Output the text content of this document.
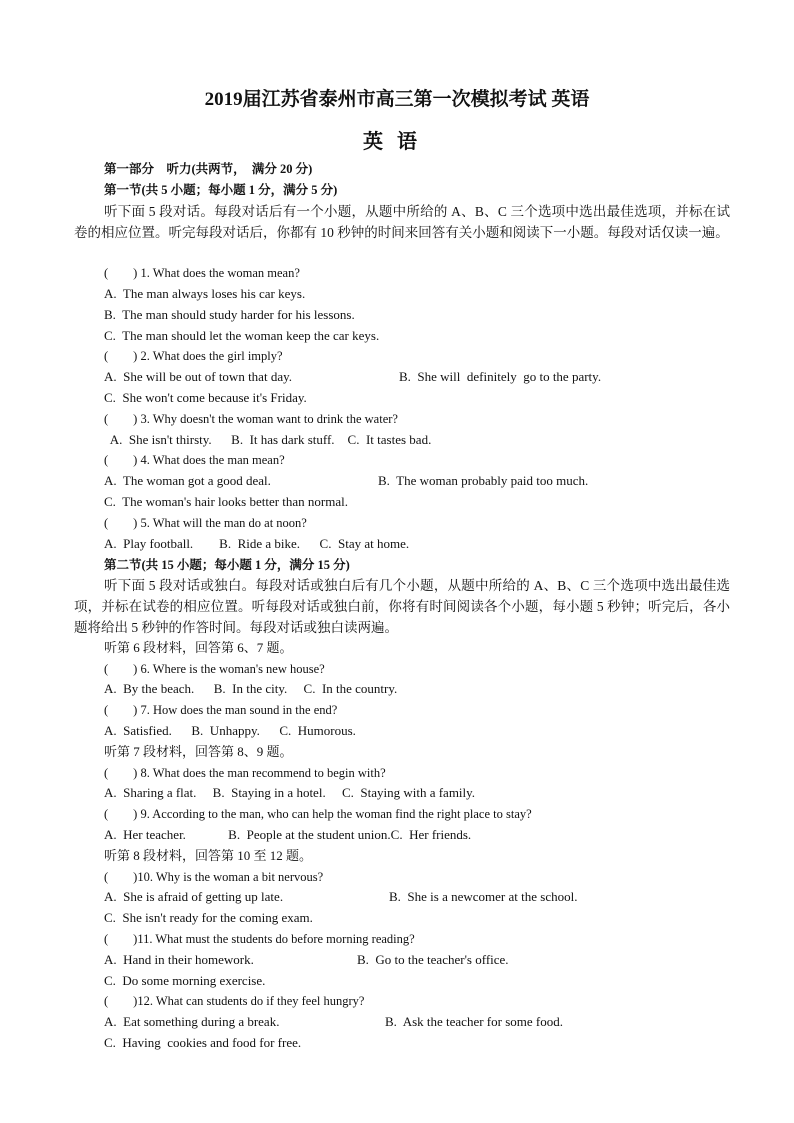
2019届江苏省泰州市高三第一次模拟考试 英语
英语
第一部分　听力(共两节，  满分 20 分)
第一节(共 5 小题；每小题 1 分，满分 5 分)
听下面 5 段对话。每段对话后有一个小题，从题中所给的 A、B、C 三个选项中选出最佳选项，并标在试卷的相应位置。听完每段对话后，你都有 10 秒钟的时间来回答有关小题和阅读下一小题。每段对话仅读一遍。
(　　) 1. What does the woman mean?
A.  The man always loses his car keys.
B.  The man should study harder for his lessons.
C.  The man should let the woman keep the car keys.
(　　) 2. What does the girl imply?
A.  She will be out of town that day.	B.  She will  definitely  go to the party.
C.  She won't come because it's Friday.
(　　) 3. Why doesn't the woman want to drink the water?
A.  She isn't thirsty.      B.  It has dark stuff.    C.  It tastes bad.
(　　) 4. What does the man mean?
A.  The woman got a good deal.	B.  The woman probably paid too much.
C.  The woman's hair looks better than normal.
(　　) 5. What will the man do at noon?
A.  Play football.        B.  Ride a bike.      C.  Stay at home.
第二节(共 15 小题；每小题 1 分，满分 15 分)
听下面 5 段对话或独白。每段对话或独白后有几个小题，从题中所给的 A、B、C 三个选项中选出最佳选项，并标在试卷的相应位置。听每段对话或独白前，你将有时间阅读各个小题，每小题 5 秒钟；听完后，各小题将给出 5 秒钟的作答时间。每段对话或独白读两遍。
听第 6 段材料，回答第 6、7 题。
(　　) 6. Where is the woman's new house?
A.  By the beach.      B.  In the city.     C.  In the country.
(　　) 7. How does the man sound in the end?
A.  Satisfied.      B.  Unhappy.      C.  Humorous.
听第 7 段材料，回答第 8、9 题。
(　　) 8. What does the man recommend to begin with?
A.  Sharing a flat.     B.  Staying in a hotel.     C.  Staying with a family.
(　　) 9. According to the man, who can help the woman find the right place to stay?
A.  Her teacher.             B.  People at the student union.C.  Her friends.
听第 8 段材料，回答第 10 至 12 题。
(　　)10. Why is the woman a bit nervous?
A.  She is afraid of getting up late.	B.  She is a newcomer at the school.
C.  She isn't ready for the coming exam.
(　　)11. What must the students do before morning reading?
A.  Hand in their homework.	B.  Go to the teacher's office.
C.  Do some morning exercise.
(　　)12. What can students do if they feel hungry?
A.  Eat something during a break.	B.  Ask the teacher for some food.
C.  Having  cookies and food for free.
